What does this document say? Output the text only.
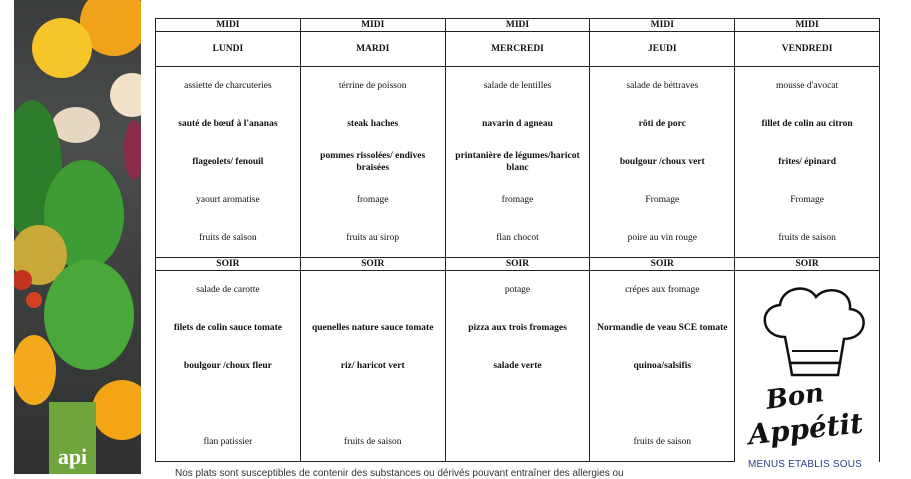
api
MIDI	MIDI	MIDI	MIDI	MIDI
LUNDI	MARDI	MERCREDI	JEUDI	VENDREDI
assiette de charcuteries	térrine de poisson	salade de lentilles	salade de béttraves	mousse d'avocat
sauté de bœuf à l'ananas	steak haches	navarin d agneau	rôti de porc	fillet de colin au citron
flageolets/ fenouil	pommes rissolées/ endives braisées	printanière de légumes/haricot blanc	boulgour /choux vert	frites/ épinard
yaourt aromatise	fromage	fromage	Fromage	Fromage
fruits de saison	fruits au sirop	flan chocot	poire au vin rouge	fruits de saison
SOIR	SOIR	SOIR	SOIR	SOIR
salade de carotte		potage	crépes aux fromage	Bon
Appétit

filets de colin sauce tomate	quenelles nature sauce tomate	pizza aux trois fromages	Normandie de veau SCE tomate	
boulgour /choux fleur	riz/ haricot vert	salade verte	quinoa/salsifis	

flan patissier	fruits de saison		fruits de saison	
MENUS ETABLIS SOUS
Nos plats sont susceptibles de contenir des substances ou dérivés pouvant entraîner des allergies ou
